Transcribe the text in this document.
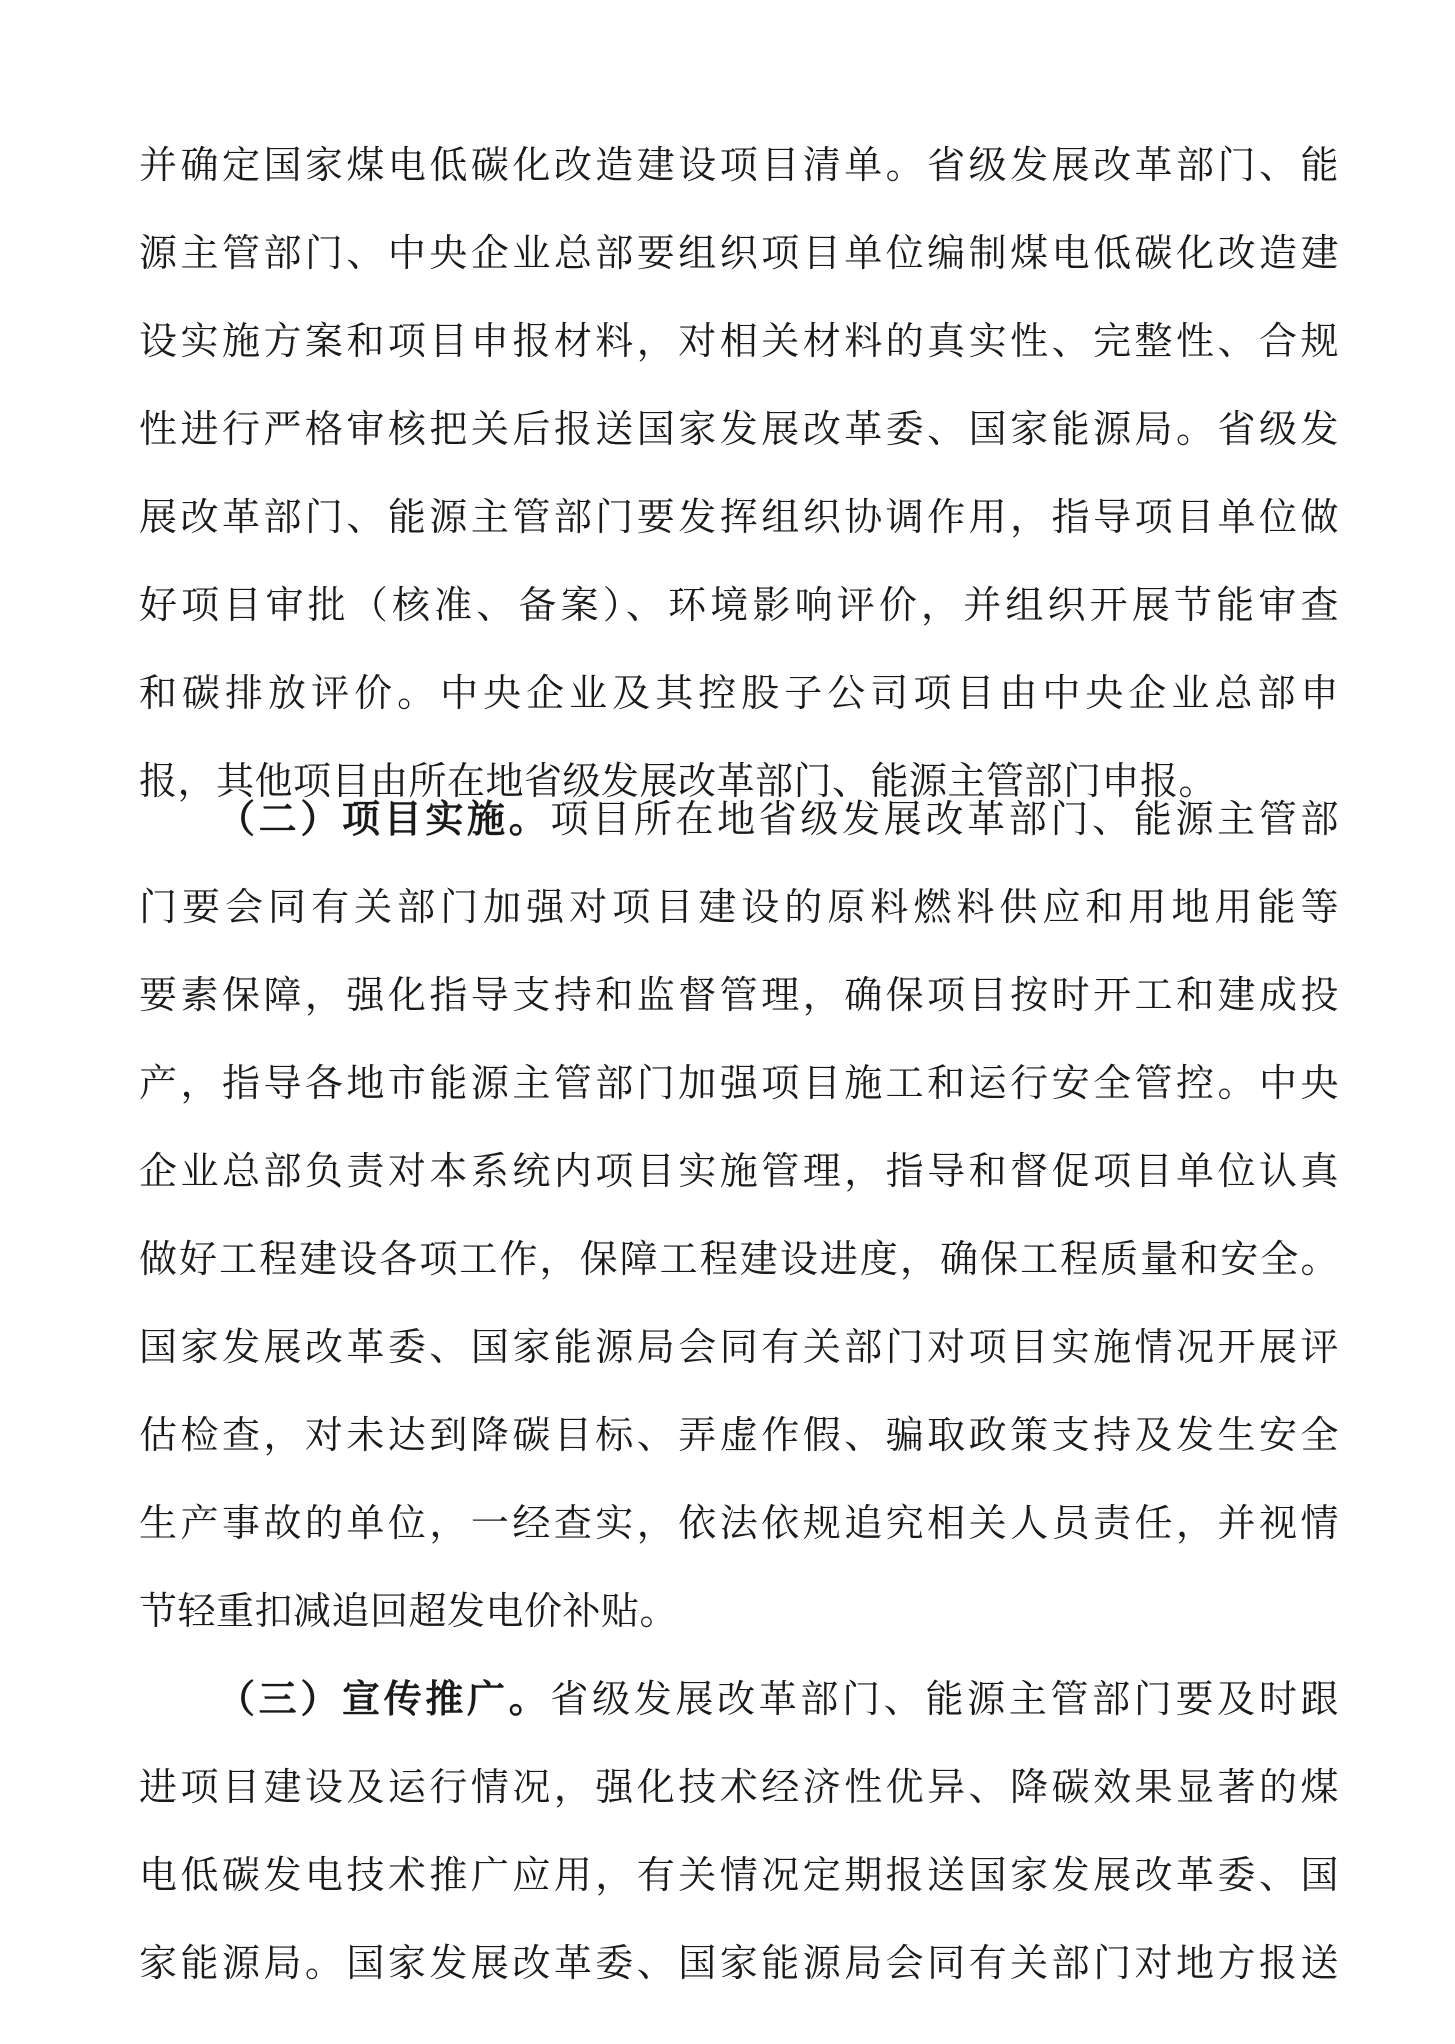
并确定国家煤电低碳化改造建设项目清单。省级发展改革部门、能
源主管部门、中央企业总部要组织项目单位编制煤电低碳化改造建
设实施方案和项目申报材料，对相关材料的真实性、完整性、合规
性进行严格审核把关后报送国家发展改革委、国家能源局。省级发
展改革部门、能源主管部门要发挥组织协调作用，指导项目单位做
好项目审批（核准、备案）、环境影响评价，并组织开展节能审查
和碳排放评价。中央企业及其控股子公司项目由中央企业总部申
报，其他项目由所在地省级发展改革部门、能源主管部门申报。
（二）项目实施。项目所在地省级发展改革部门、能源主管部
门要会同有关部门加强对项目建设的原料燃料供应和用地用能等
要素保障，强化指导支持和监督管理，确保项目按时开工和建成投
产，指导各地市能源主管部门加强项目施工和运行安全管控。中央
企业总部负责对本系统内项目实施管理，指导和督促项目单位认真
做好工程建设各项工作，保障工程建设进度，确保工程质量和安全。
国家发展改革委、国家能源局会同有关部门对项目实施情况开展评
估检查，对未达到降碳目标、弄虚作假、骗取政策支持及发生安全
生产事故的单位，一经查实，依法依规追究相关人员责任，并视情
节轻重扣减追回超发电价补贴。
（三）宣传推广。省级发展改革部门、能源主管部门要及时跟
进项目建设及运行情况，强化技术经济性优异、降碳效果显著的煤
电低碳发电技术推广应用，有关情况定期报送国家发展改革委、国
家能源局。国家发展改革委、国家能源局会同有关部门对地方报送
